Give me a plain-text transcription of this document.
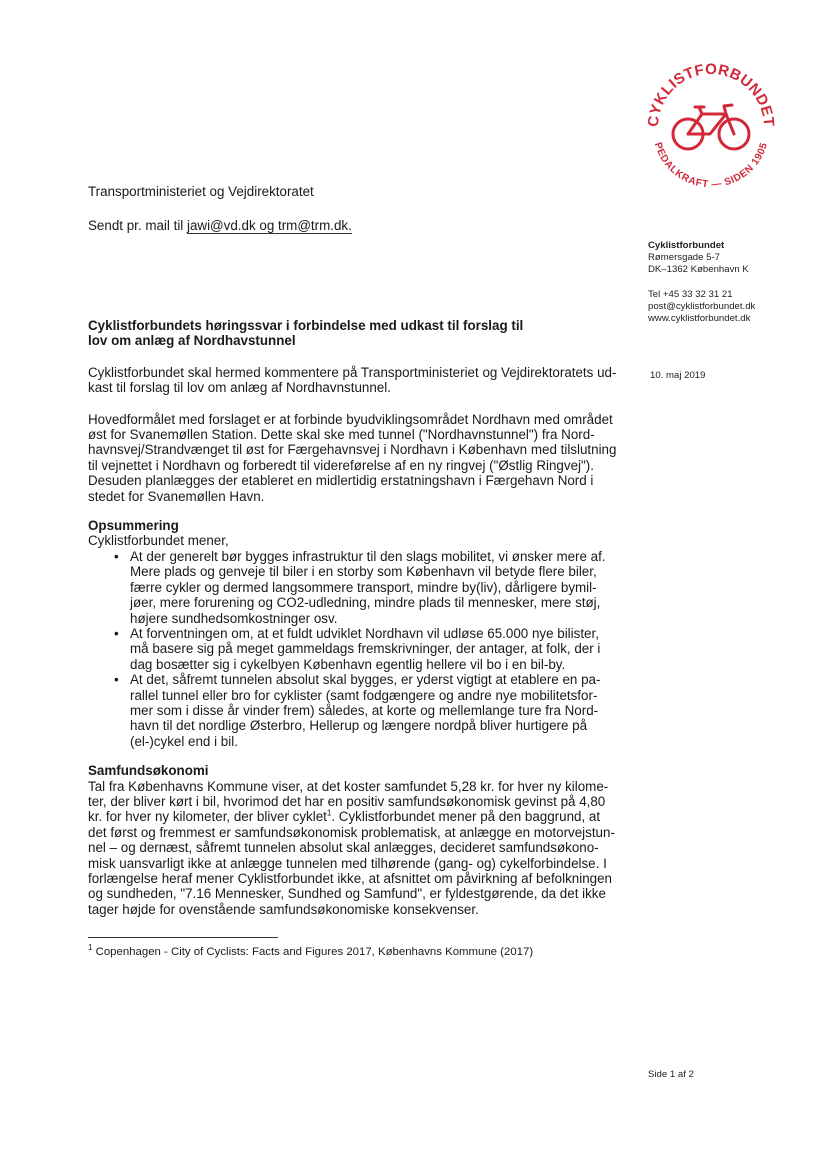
CYKLISTFORBUNDET
PEDALKRAFT — SIDEN 1905
Transportministeriet og Vejdirektoratet
Sendt pr. mail til jawi@vd.dk og trm@trm.dk.
Cyklistforbundet
Rømersgade 5-7
DK–1362 København K
Tel +45 33 32 31 21
post@cyklistforbundet.dk
www.cyklistforbundet.dk
10. maj 2019

Cyklistforbundets høringssvar i forbindelse med udkast til forslag til

lov om anlæg af Nordhavstunnel

Cyklistforbundet skal hermed kommentere på Transportministeriet og Vejdirektoratets ud-

kast til forslag til lov om anlæg af Nordhavnstunnel.

Hovedformålet med forslaget er at forbinde byudviklingsområdet Nordhavn med området

øst for Svanemøllen Station. Dette skal ske med tunnel ("Nordhavnstunnel") fra Nord-

havnsvej/Strandvænget til øst for Færgehavnsvej i Nordhavn i København med tilslutning

til vejnettet i Nordhavn og forberedt til videreførelse af en ny ringvej ("Østlig Ringvej").

Desuden planlægges der etableret en midlertidig erstatningshavn i Færgehavn Nord i

stedet for Svanemøllen Havn.

Opsummering

Cyklistforbundet mener,

• At der generelt bør bygges infrastruktur til den slags mobilitet, vi ønsker mere af.
Mere plads og genveje til biler i en storby som København vil betyde flere biler,
færre cykler og dermed langsommere transport, mindre by(liv), dårligere bymil-
jøer, mere forurening og CO2-udledning, mindre plads til mennesker, mere støj,
højere sundhedsomkostninger osv.
• At forventningen om, at et fuldt udviklet Nordhavn vil udløse 65.000 nye bilister,
må basere sig på meget gammeldags fremskrivninger, der antager, at folk, der i
dag bosætter sig i cykelbyen København egentlig hellere vil bo i en bil-by.
• At det, såfremt tunnelen absolut skal bygges, er yderst vigtigt at etablere en pa-
rallel tunnel eller bro for cyklister (samt fodgængere og andre nye mobilitetsfor-
mer som i disse år vinder frem) således, at korte og mellemlange ture fra Nord-
havn til det nordlige Østerbro, Hellerup og længere nordpå bliver hurtigere på
(el-)cykel end i bil.

Samfundsøkonomi

Tal fra Københavns Kommune viser, at det koster samfundet 5,28 kr. for hver ny kilome-

ter, der bliver kørt i bil, hvorimod det har en positiv samfundsøkonomisk gevinst på 4,80

kr. for hver ny kilometer, der bliver cyklet$^1$. Cyklistforbundet mener på den baggrund, at

det først og fremmest er samfundsøkonomisk problematisk, at anlægge en motorvejstun-

nel – og dernæst, såfremt tunnelen absolut skal anlægges, decideret samfundsøkono-

misk uansvarligt ikke at anlægge tunnelen med tilhørende (gang- og) cykelforbindelse. I

forlængelse heraf mener Cyklistforbundet ikke, at afsnittet om påvirkning af befolkningen

og sundheden, "7.16 Mennesker, Sundhed og Samfund", er fyldestgørende, da det ikke

tager højde for ovenstående samfundsøkonomiske konsekvenser.

$^1$ Copenhagen - City of Cyclists: Facts and Figures 2017, Københavns Kommune (2017)
Side 1 af 2
